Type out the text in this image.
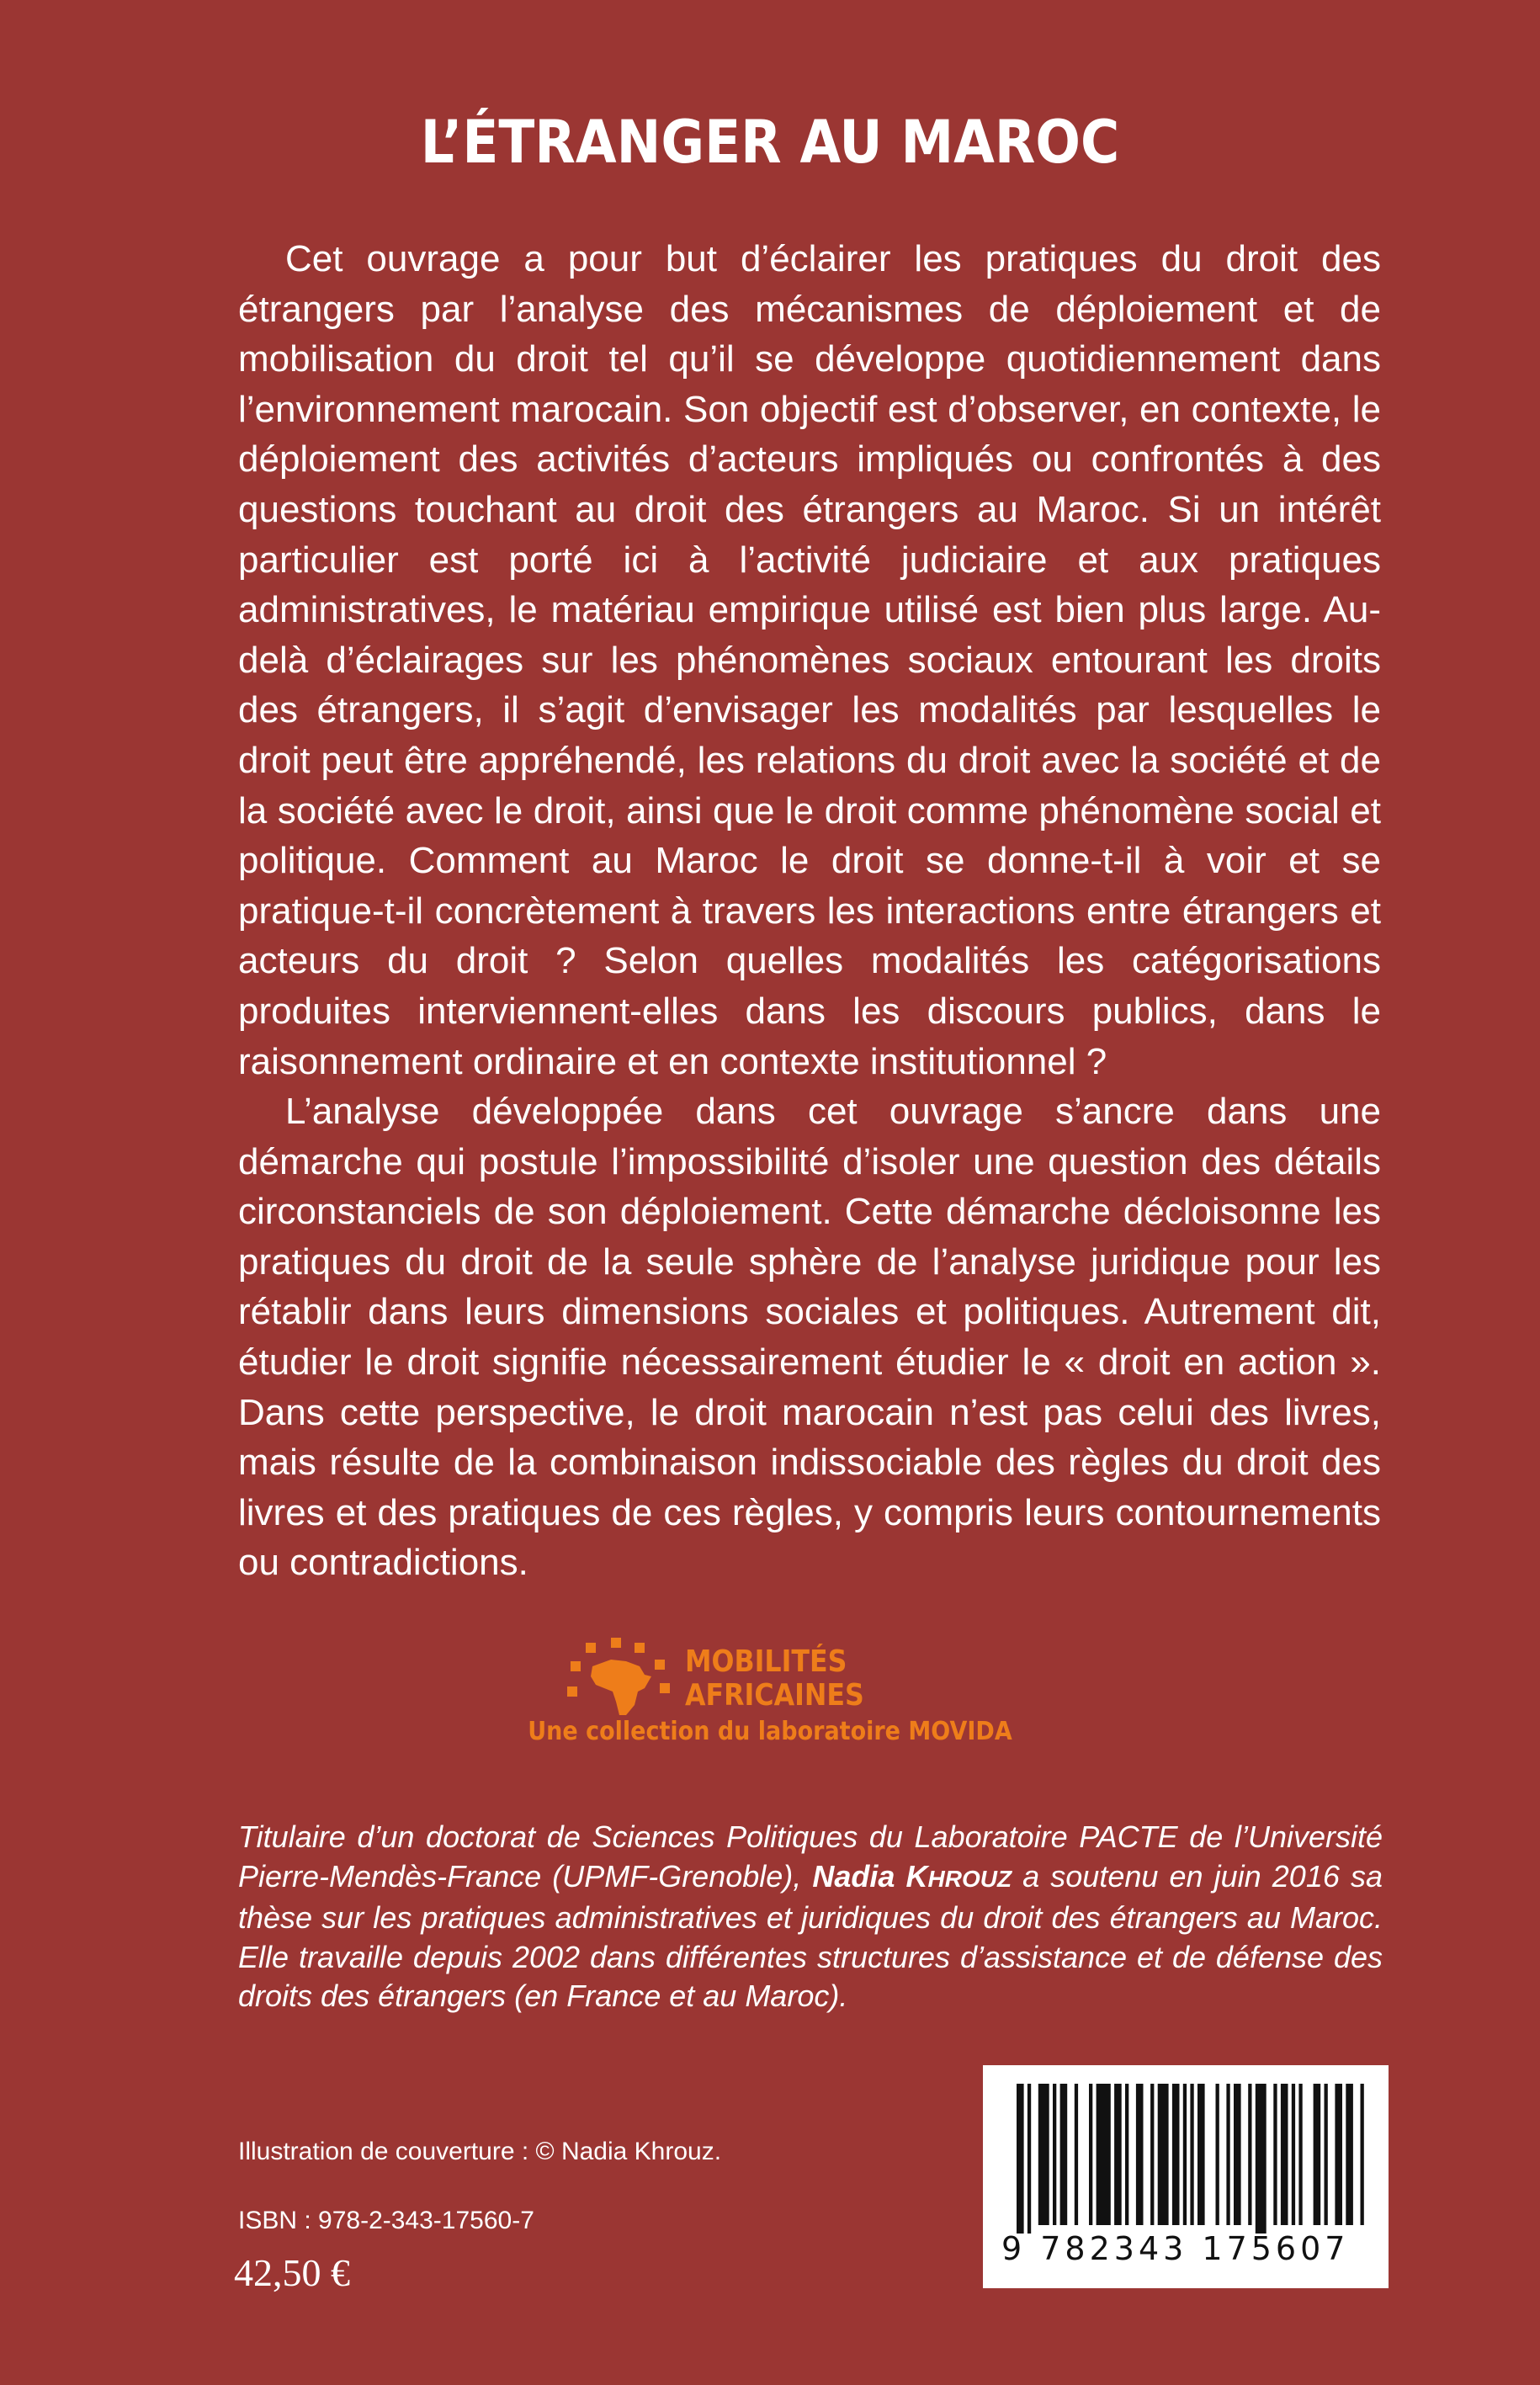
L’ÉTRANGER AU MAROC

Cet ouvrage a pour but d’éclairer les pratiques du droit des étrangers par l’analyse des mécanismes de déploiement et de mobilisation du droit tel qu’il se développe quotidiennement dans l’environnement marocain. Son objectif est d’observer, en contexte, le déploiement des activités d’acteurs impliqués ou confrontés à des questions touchant au droit des étrangers au Maroc. Si un intérêt particulier est porté ici à l’activité judiciaire et aux pratiques administratives, le matériau empirique utilisé est bien plus large. Au-delà d’éclairages sur les phénomènes sociaux entourant les droits des étrangers, il s’agit d’envisager les modalités par lesquelles le droit peut être appréhendé, les relations du droit avec la société et de la société avec le droit, ainsi que le droit comme phénomène social et politique. Comment au Maroc le droit se donne-t-il à voir et se pratique-t-il concrètement à travers les interactions entre étrangers et acteurs du droit ? Selon quelles modalités les catégorisations produites interviennent-elles dans les discours publics, dans le raisonnement ordinaire et en contexte institutionnel ?

L’analyse développée dans cet ouvrage s’ancre dans une démarche qui postule l’impossibilité d’isoler une question des détails circonstanciels de son déploiement. Cette démarche décloisonne les pratiques du droit de la seule sphère de l’analyse juridique pour les rétablir dans leurs dimensions sociales et politiques. Autrement dit, étudier le droit signifie nécessairement étudier le « droit en action ». Dans cette perspective, le droit marocain n’est pas celui des livres, mais résulte de la combinaison indissociable des règles du droit des livres et des pratiques de ces règles, y compris leurs contournements ou contradictions.

MOBILITÉS
AFRICAINES
Une collection du laboratoire MOVIDA
Titulaire d’un doctorat de Sciences Politiques du Laboratoire PACTE de l’Université Pierre-Mendès-France (UPMF-Grenoble), Nadia KHROUZ a soutenu en juin 2016 sa thèse sur les pratiques administratives et juridiques du droit des étrangers au Maroc. Elle travaille depuis 2002 dans différentes structures d’assistance et de défense des droits des étrangers (en France et au Maroc).
Illustration de couverture : © Nadia Khrouz.
ISBN : 978-2-343-17560-7
42,50 €
9 782343 175607
